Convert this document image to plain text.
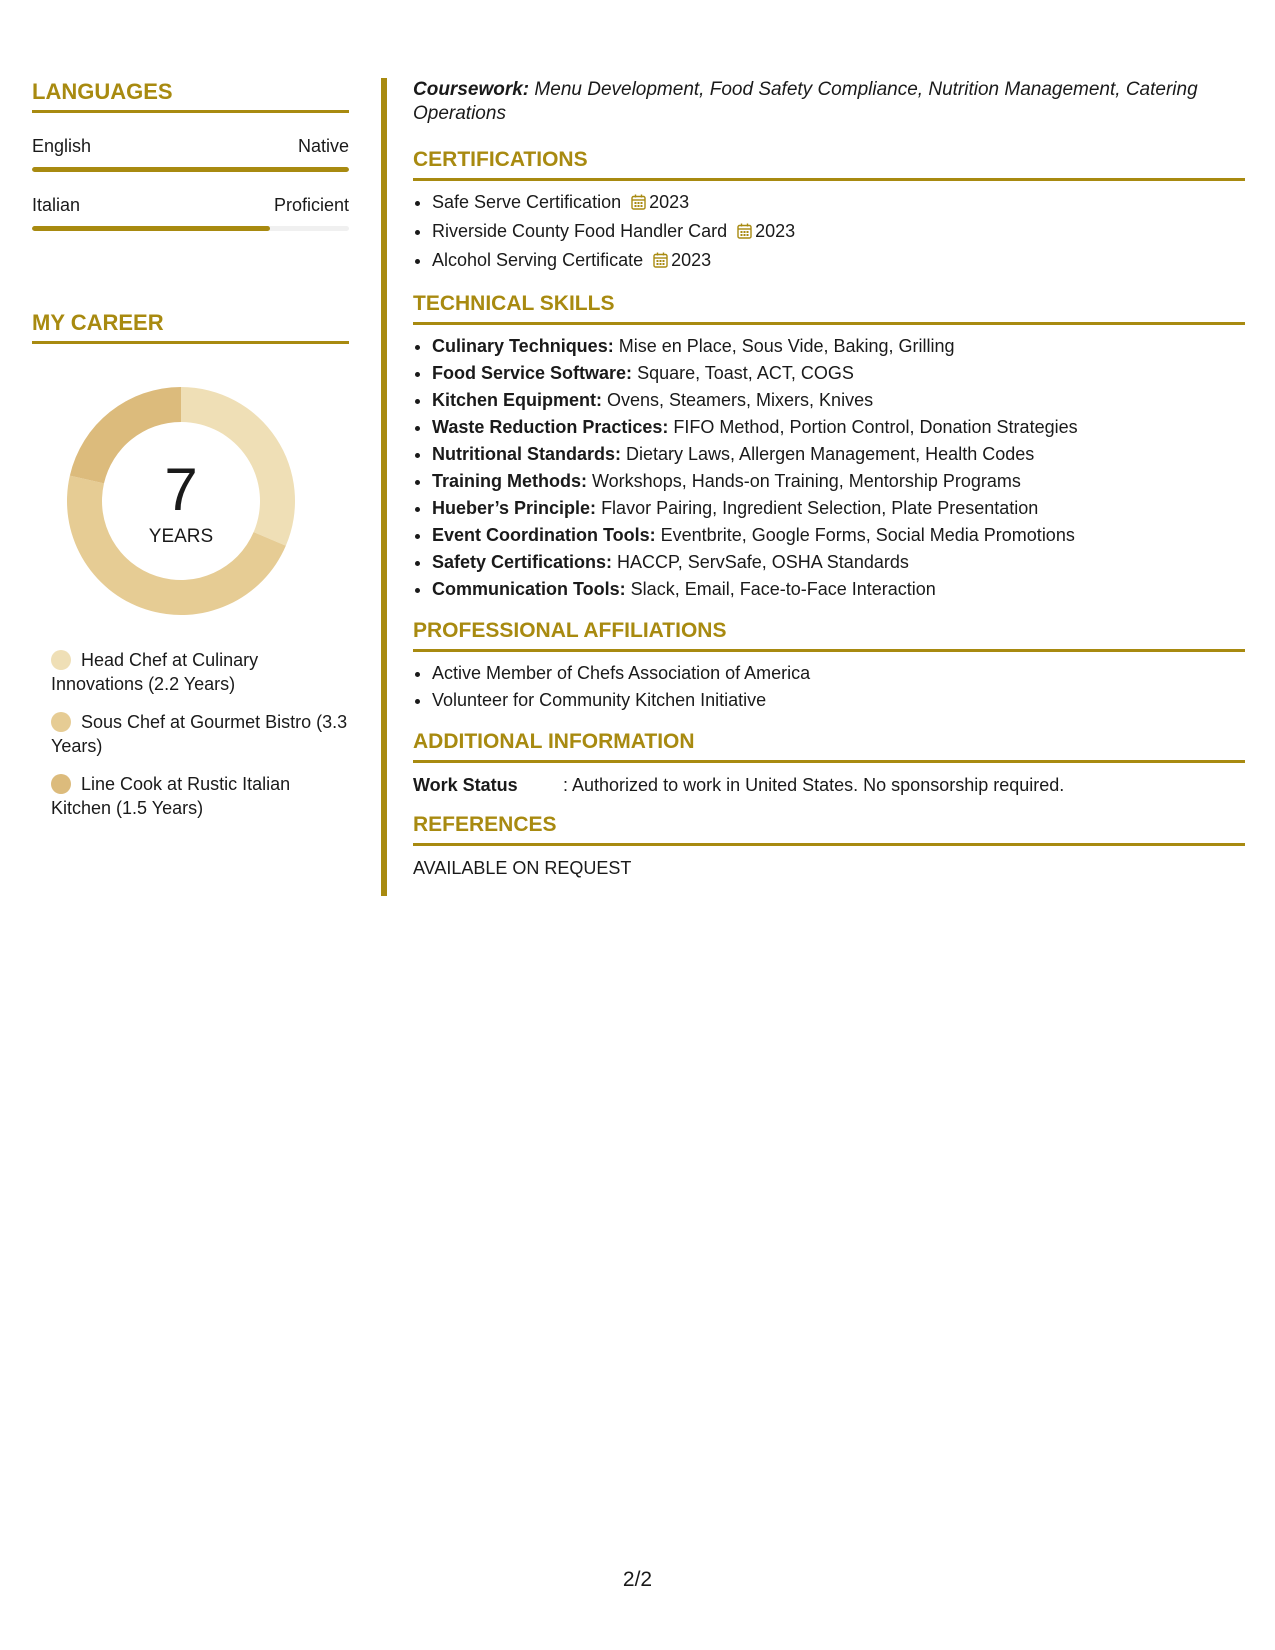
LANGUAGES
English	Native
Italian	Proficient
MY CAREER
7
YEARS
Head Chef at Culinary Innovations (2.2 Years)
Sous Chef at Gourmet Bistro (3.3 Years)
Line Cook at Rustic Italian Kitchen (1.5 Years)

Coursework: Menu Development, Food Safety Compliance, Nutrition Management, Catering Operations

CERTIFICATIONS
• Safe Serve Certification 2023
• Riverside County Food Handler Card 2023
• Alcohol Serving Certificate 2023
TECHNICAL SKILLS
• Culinary Techniques: Mise en Place, Sous Vide, Baking, Grilling
• Food Service Software: Square, Toast, ACT, COGS
• Kitchen Equipment: Ovens, Steamers, Mixers, Knives
• Waste Reduction Practices: FIFO Method, Portion Control, Donation Strategies
• Nutritional Standards: Dietary Laws, Allergen Management, Health Codes
• Training Methods: Workshops, Hands-on Training, Mentorship Programs
• Hueber’s Principle: Flavor Pairing, Ingredient Selection, Plate Presentation
• Event Coordination Tools: Eventbrite, Google Forms, Social Media Promotions
• Safety Certifications: HACCP, ServSafe, OSHA Standards
• Communication Tools: Slack, Email, Face-to-Face Interaction
PROFESSIONAL AFFILIATIONS
• Active Member of Chefs Association of America
• Volunteer for Community Kitchen Initiative
ADDITIONAL INFORMATION
Work Status	: Authorized to work in United States. No sponsorship required.
REFERENCES
AVAILABLE ON REQUEST
2/2
